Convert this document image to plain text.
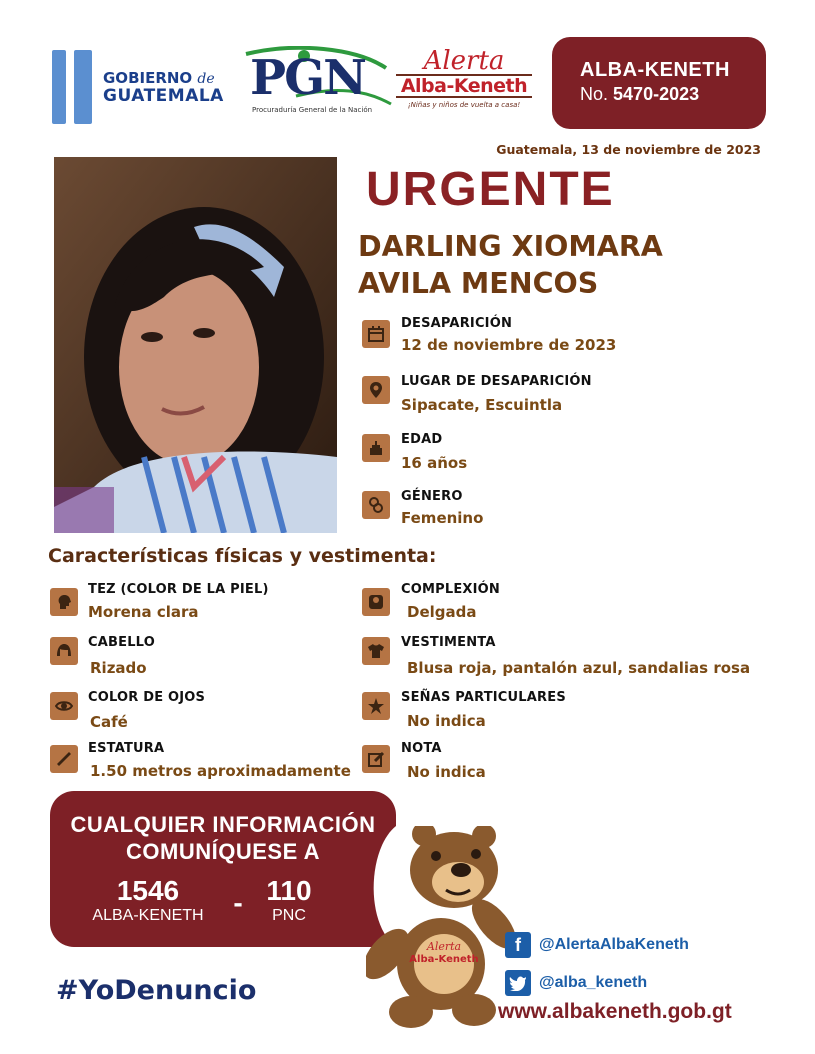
GOBIERNO de
GUATEMALA PGN
Procuraduría General de la Nación
Alerta
Alba-Keneth
¡Niñas y niños de vuelta a casa!
ALBA-KENETH
No. 5470-2023
Guatemala, 13 de noviembre de 2023
URGENTE
DARLING XIOMARA
AVILA MENCOS
DESAPARICIÓN
12 de noviembre de 2023
LUGAR DE DESAPARICIÓN
Sipacate, Escuintla
EDAD
16 años
GÉNERO
Femenino
Características físicas y vestimenta:
TEZ (COLOR DE LA PIEL)
Morena clara
CABELLO
Rizado
COLOR DE OJOS
Café
ESTATURA
1.50 metros aproximadamente
COMPLEXIÓN
Delgada
VESTIMENTA
Blusa roja, pantalón azul, sandalias rosa
SEÑAS PARTICULARES
No indica
NOTA
No indica
CUALQUIER INFORMACIÓN
COMUNÍQUESE A
1546
ALBA-KENETH	- 110
PNC
Alerta
Alba-Keneth
#YoDenuncio
f	@AlertaAlbaKeneth
@alba_keneth
www.albakeneth.gob.gt
